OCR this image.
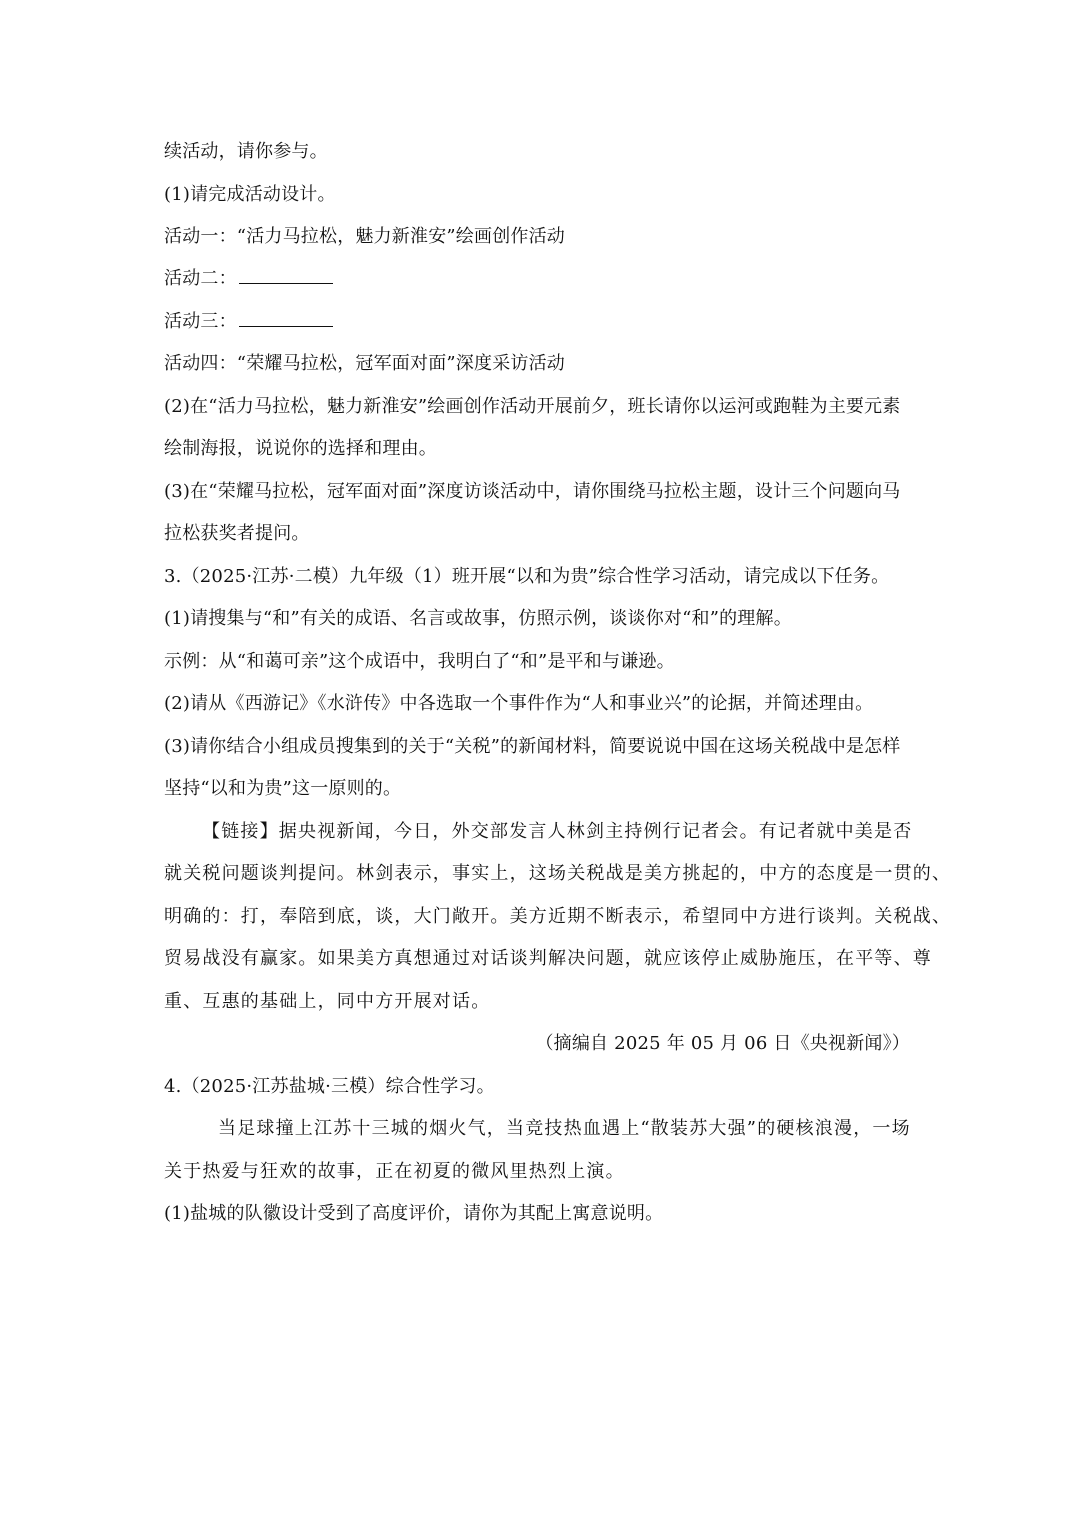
续活动，请你参与。
(1)请完成活动设计。
活动一：“活力马拉松，魅力新淮安”绘画创作活动
活动二：
活动三：
活动四：“荣耀马拉松，冠军面对面”深度采访活动
(2)在“活力马拉松，魅力新淮安”绘画创作活动开展前夕，班长请你以运河或跑鞋为主要元素
绘制海报，说说你的选择和理由。
(3)在“荣耀马拉松，冠军面对面”深度访谈活动中，请你围绕马拉松主题，设计三个问题向马
拉松获奖者提问。
3.（2025·江苏·二模）九年级（1）班开展“以和为贵”综合性学习活动，请完成以下任务。
(1)请搜集与“和”有关的成语、名言或故事，仿照示例，谈谈你对“和”的理解。
示例：从“和蔼可亲”这个成语中，我明白了“和”是平和与谦逊。
(2)请从《西游记》《水浒传》中各选取一个事件作为“人和事业兴”的论据，并简述理由。
(3)请你结合小组成员搜集到的关于“关税”的新闻材料，简要说说中国在这场关税战中是怎样
坚持“以和为贵”这一原则的。
【链接】据央视新闻，今日，外交部发言人林剑主持例行记者会。有记者就中美是否
就关税问题谈判提问。林剑表示，事实上，这场关税战是美方挑起的，中方的态度是一贯的、
明确的：打，奉陪到底，谈，大门敞开。美方近期不断表示，希望同中方进行谈判。关税战、
贸易战没有赢家。如果美方真想通过对话谈判解决问题，就应该停止威胁施压，在平等、尊
重、互惠的基础上，同中方开展对话。
（摘编自 2025 年 05 月 06 日《央视新闻》）
4.（2025·江苏盐城·三模）综合性学习。
当足球撞上江苏十三城的烟火气，当竞技热血遇上“散装苏大强”的硬核浪漫，一场
关于热爱与狂欢的故事，正在初夏的微风里热烈上演。
(1)盐城的队徽设计受到了高度评价，请你为其配上寓意说明。
